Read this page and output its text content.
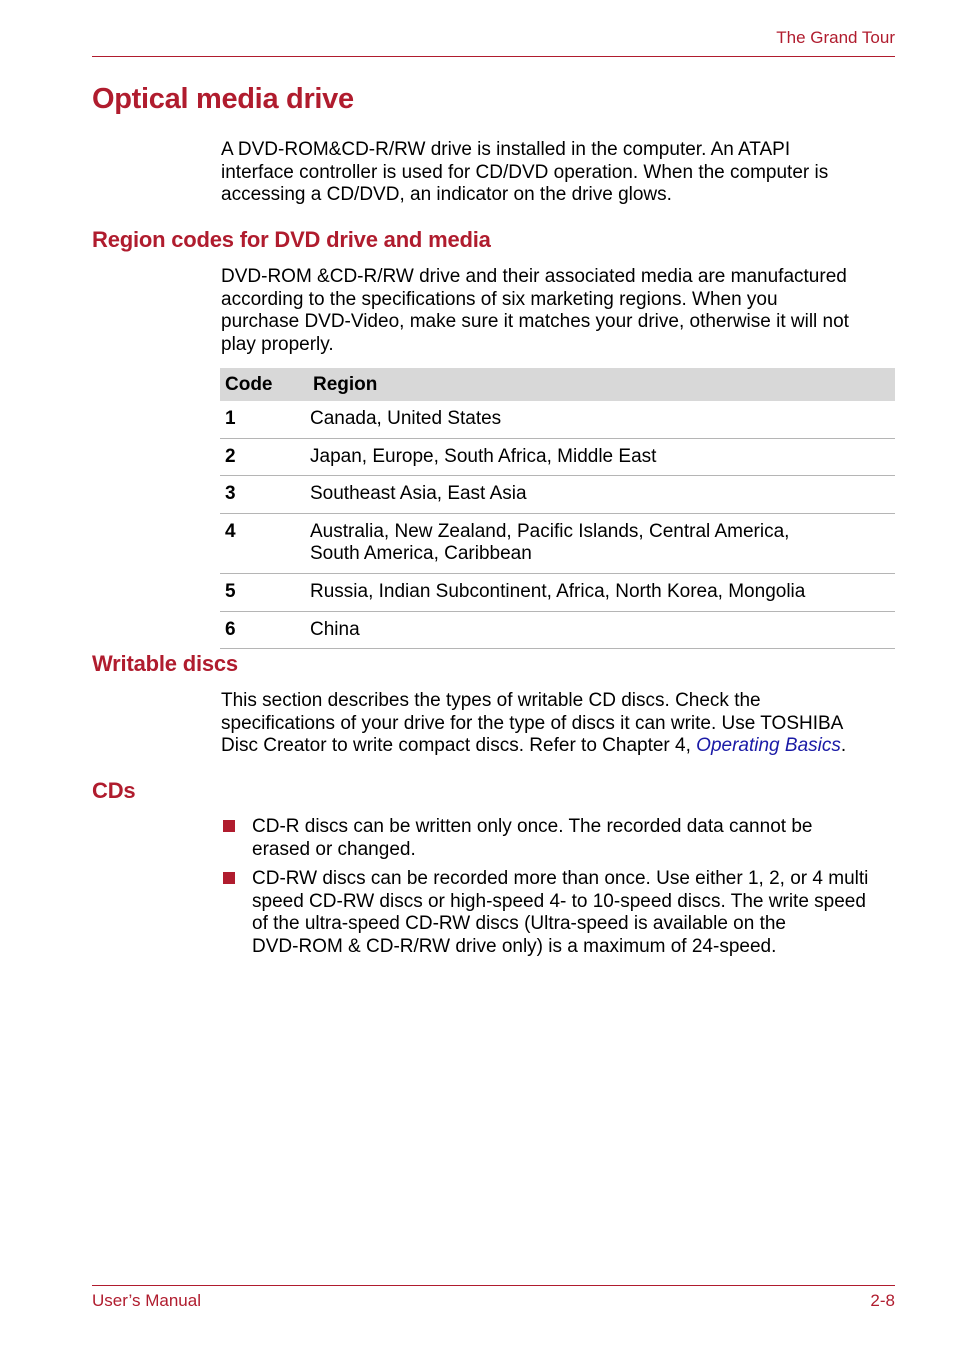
The Grand Tour
Optical media drive

A DVD-ROM&CD-R/RW drive is installed in the computer. An ATAPI
interface controller is used for CD/DVD operation. When the computer is
accessing a CD/DVD, an indicator on the drive glows.

Region codes for DVD drive and media

DVD-ROM &CD-R/RW drive and their associated media are manufactured
according to the specifications of six marketing regions. When you
purchase DVD-Video, make sure it matches your drive, otherwise it will not
play properly.

Code	Region
1	Canada, United States
2	Japan, Europe, South Africa, Middle East
3	Southeast Asia, East Asia
4	Australia, New Zealand, Pacific Islands, Central America,
South America, Caribbean
5	Russia, Indian Subcontinent, Africa, North Korea, Mongolia
6	China
Writable discs

This section describes the types of writable CD discs. Check the
specifications of your drive for the type of discs it can write. Use TOSHIBA
Disc Creator to write compact discs. Refer to Chapter 4, Operating Basics.

CDs
CD-R discs can be written only once. The recorded data cannot be
erased or changed.
CD-RW discs can be recorded more than once. Use either 1, 2, or 4 multi
speed CD-RW discs or high-speed 4- to 10-speed discs. The write speed
of the ultra-speed CD-RW discs (Ultra-speed is available on the
DVD-ROM & CD-R/RW drive only) is a maximum of 24-speed.
User’s Manual	2-8
